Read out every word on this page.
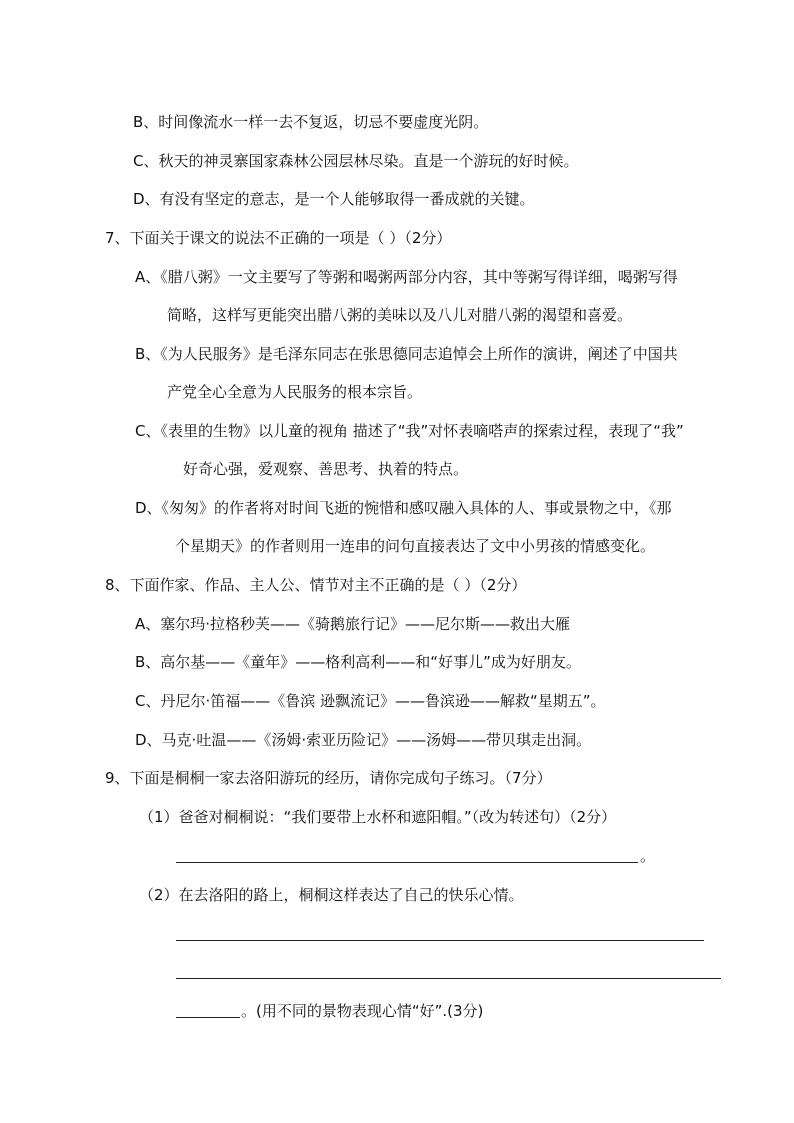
B、时间像流水一样一去不复返，切忌不要虚度光阴。
C、秋天的神灵寨国家森林公园层林尽染。直是一个游玩的好时候。
D、有没有坚定的意志，是一个人能够取得一番成就的关键。
7、下面关于课文的说法不正确的一项是（ ）（2分）
A、《腊八粥》一文主要写了等粥和喝粥两部分内容，其中等粥写得详细，喝粥写得
简略，这样写更能突出腊八粥的美味以及八儿对腊八粥的渴望和喜爱。
B、《为人民服务》是毛泽东同志在张思德同志追悼会上所作的演讲，阐述了中国共
产党全心全意为人民服务的根本宗旨。
C、《表里的生物》以儿童的视角 描述了“我”对怀表嘀嗒声的探索过程，表现了“我”
好奇心强，爱观察、善思考、执着的特点。
D、《匆匆》的作者将对时间飞逝的惋惜和感叹融入具体的人、事或景物之中，《那
个星期天》的作者则用一连串的问句直接表达了文中小男孩的情感变化。
8、下面作家、作品、主人公、情节对主不正确的是（ ）（2分）
A、塞尔玛·拉格秒芙——《骑鹅旅行记》——尼尔斯——救出大雁
B、高尔基——《童年》——格利高利——和“好事儿”成为好朋友。
C、丹尼尔·笛福——《鲁滨 逊飘流记》——鲁滨逊——解救“星期五”。
D、马克·吐温——《汤姆·索亚历险记》——汤姆——带贝琪走出洞。
9、下面是桐桐一家去洛阳游玩的经历，请你完成句子练习。（7分）
（1）爸爸对桐桐说：“我们要带上水杯和遮阳帽。”（改为转述句）（2分）
。
（2）在去洛阳的路上，桐桐这样表达了自己的快乐心情。
。(用不同的景物表现心情“好”.(3分)
